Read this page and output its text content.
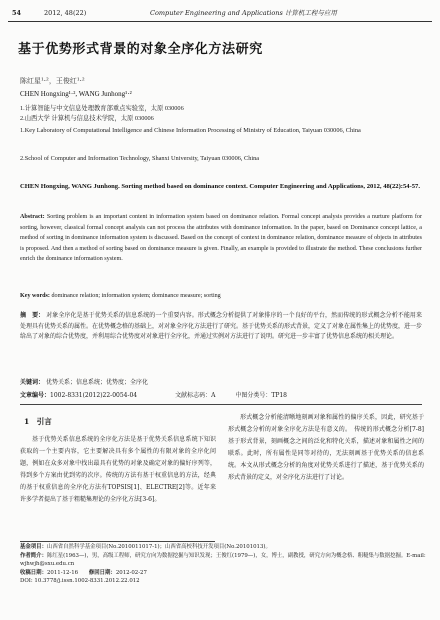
54	2012, 48(22)	Computer Engineering and Applications 计算机工程与应用
基于优势形式背景的对象全序化方法研究
陈红星¹·²，王俊红¹·²
CHEN Hongxing¹·², WANG Junhong¹·²
1.计算智能与中文信息处理教育部重点实验室，太原 030006
2.山西大学 计算机与信息技术学院，太原 030006
1.Key Laboratory of Computational Intelligence and Chinese Information Processing of Ministry of Education, Taiyuan 030006, China
2.School of Computer and Information Technology, Shanxi University, Taiyuan 030006, China
CHEN Hongxing, WANG Junhong. Sorting method based on dominance context. Computer Engineering and Applications, 2012, 48(22):54-57.
Abstract: Sorting problem is an important content in information system based on dominance relation. Formal concept analysis provides a nurture platform for sorting, however, classical formal concept analysis can not process the attributes with dominance information. In the paper, based on Dominance concept lattice, a method of sorting in dominance information system is discussed. Based on the concept of context in dominance relation, dominance measure of objects in attributes is proposed. And then a method of sorting based on dominance measure is given. Finally, an example is provided to illustrate the method. These conclusions further enrich the dominance information system.
Key words: dominance relation; information system; dominance measure; sorting
摘　要： 对象全序化是基于优势关系的信息系统的一个重要内容。形式概念分析提供了对象排序的一个良好的平台，然而传统的形式概念分析不能用来处理具有优势关系的属性。在优势概念格的基础上，对对象全序化方法进行了研究。基于优势关系的形式背景，定义了对象在属性集上的优势度，进一步给出了对象的综合优势度，并利用综合优势度对对象进行全序化，并通过实例对方法进行了说明。研究进一步丰富了优势信息系统的相关理论。
关键词： 优势关系；信息系统；优势度；全序化
文章编号：1002-8331(2012)22-0054-04	文献标志码：A	中图分类号：TP18
1　引言

基于优势关系信息系统的全序化方法是基于优势关系信息系统下知识获取的一个主要内容，它主要解决具有多个属性的有限对象的全序化问题，例如在众多对象中找出最具有优势的对象及确定对象的偏好序列等，得到多个方案由优到劣的次序。传统的方法有基于权重信息的方法，经典的基于权重信息的全序化方法有TOPSIS[1]、ELECTRE[2]等。近年来许多学者提出了基于粗糙集理论的全序化方法[3-6]。

形式概念分析能清晰地刻画对象和属性的偏序关系，因此，研究基于形式概念分析的对象全序化方法是有意义的。　传统的形式概念分析[7-8]基于形式背景，刻画概念之间的泛化和特化关系，描述对象和属性之间的联系。此时，所有属性是同等对待的，无法刻画基于优势关系的信息系统。本文从形式概念分析的角度对优势关系进行了描述，基于优势关系的形式背景的定义，对全序化方法进行了讨论。

基金项目：山西省自然科学基金项目(No.2010011017-1)；山西省高校科技开发项目(No.20101013)。
作者简介：陈红星(1963—)，男，高级工程师，研究方向为数据挖掘与知识发现；王俊红(1979—)，女，博士，副教授，研究方向为概念格、粗糙集与数据挖掘。E-mail: wjhwjh@sxu.edu.cn
收稿日期：2011-12-16　　 修回日期：2012-02-27
DOI: 10.3778/j.issn.1002-8331.2012.22.012
